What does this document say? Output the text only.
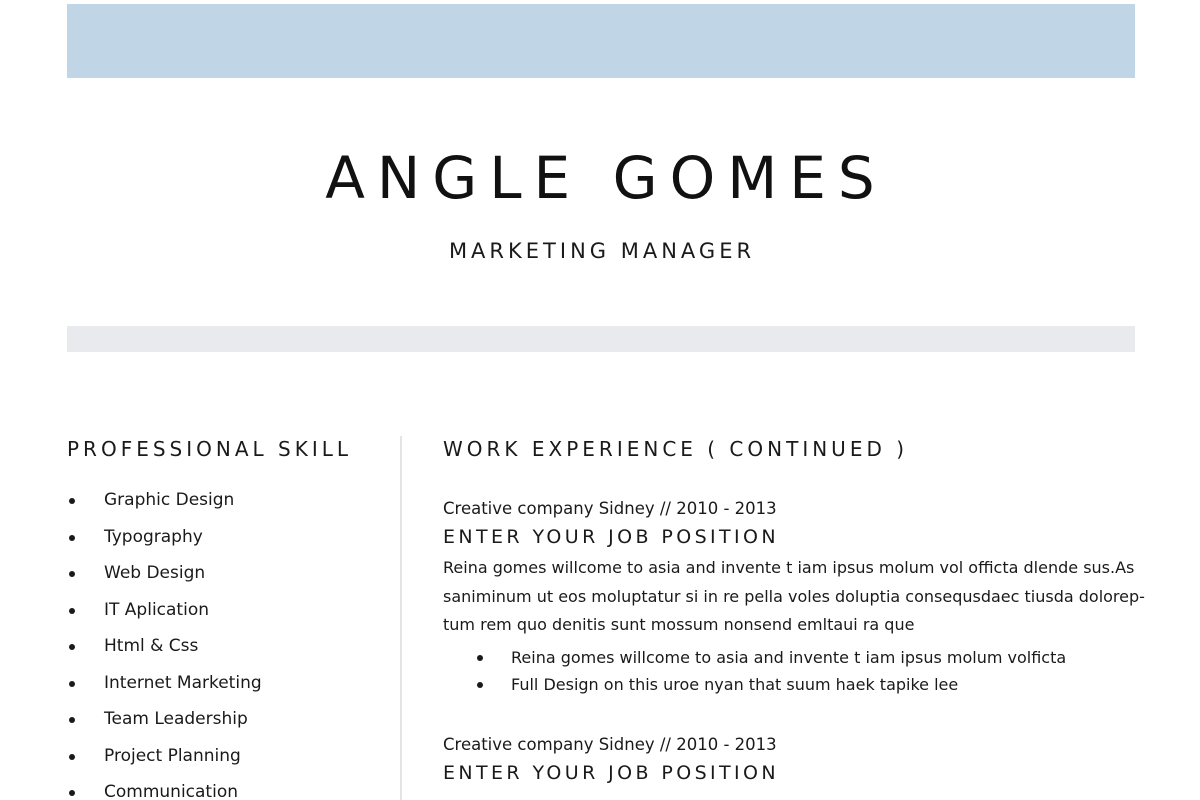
ANGLE GOMES
MARKETING MANAGER
PROFESSIONAL SKILL
Graphic Design
Typography
Web Design
IT Aplication
Html & Css
Internet Marketing
Team Leadership
Project Planning
Communication
WORK EXPERIENCE ( CONTINUED )
Creative company Sidney // 2010 - 2013
ENTER YOUR JOB POSITION
Reina gomes willcome to asia and invente t iam ipsus molum vol officta dlende sus.As
saniminum ut eos moluptatur si in re pella voles doluptia consequsdaec tiusda dolorep-
tum rem quo denitis sunt mossum nonsend emltaui ra que
Reina gomes willcome to asia and invente t iam ipsus molum volficta
Full Design on this uroe nyan that suum haek tapike lee
Creative company Sidney // 2010 - 2013
ENTER YOUR JOB POSITION
